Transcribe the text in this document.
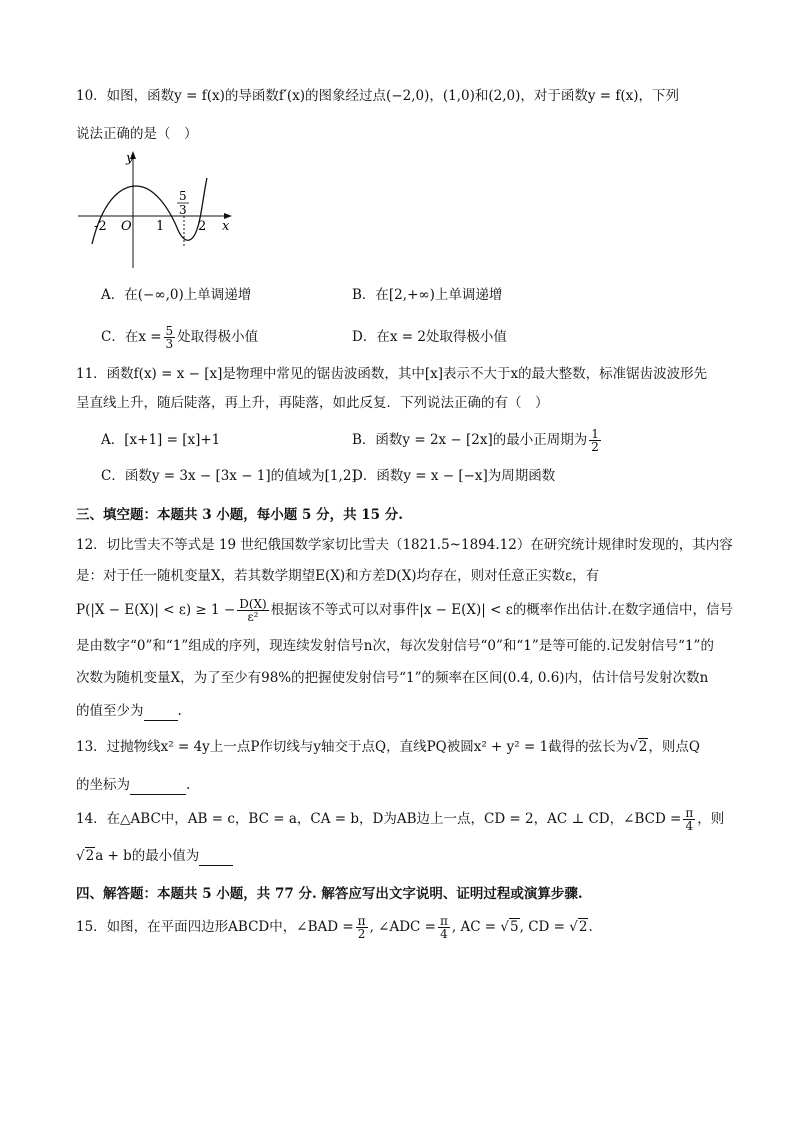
10．如图，函数y = f(x)的导函数f′(x)的图象经过点(−2,0)，(1,0)和(2,0)，对于函数y = f(x)，下列
说法正确的是（　）
y
x
O
-2	1	2
5
3
A．在(−∞,0)上单调递增	B．在[2,+∞)上单调递增
C．在$x = \frac{5}{3}$ 处取得极小值	D．在x = 2处取得极小值
11．函数f(x) = x − [x]是物理中常见的锯齿波函数，其中[x]表示不大于x的最大整数，标准锯齿波波形先
呈直线上升，随后陡落，再上升，再陡落，如此反复．下列说法正确的有（　）
A．[x+1] = [x]+1	B．函数y = 2x − [2x]的最小正周期为 $\frac{1}{2}$
C．函数y = 3x − [3x − 1]的值域为[1,2]
D．函数y = x − [−x]为周期函数
三、填空题：本题共 3 小题，每小题 5 分，共 15 分.
12．切比雪夫不等式是 19 世纪俄国数学家切比雪夫（1821.5~1894.12）在研究统计规律时发现的，其内容
是：对于任一随机变量X，若其数学期望E(X)和方差D(X)均存在，则对任意正实数ε，有
$P(|X - E(X)| < \varepsilon) \ge 1 - \frac{D(X)}{\text{ε²}}$ 根据该不等式可以对事件|x − E(X)| < ε的概率作出估计.在数字通信中，信号
是由数字“0”和“1”组成的序列，现连续发射信号n次，每次发射信号“0”和“1”是等可能的.记发射信号“1”的
次数为随机变量X，为了至少有98%的把握使发射信号“1”的频率在区间(0.4, 0.6)内，估计信号发射次数n
的值至少为	.
13．过抛物线x² = 4y上一点P作切线与y轴交于点Q，直线PQ被圆x² + y² = 1截得的弦长为√2，则点Q
的坐标为	.
14．在△ABC中，AB = c，BC = a，CA = b，D为AB边上一点，CD = 2，AC ⊥ CD，∠BCD = $\frac{\pi}{4}$ ，则
√2a + b的最小值为
四、解答题：本题共 5 小题，共 77 分. 解答应写出文字说明、证明过程或演算步骤.
15．如图，在平面四边形ABCD中，∠BAD = $\frac{\pi}{2}$ , ∠ADC = $\frac{\pi}{4}$ , AC = √5, CD = √2.
